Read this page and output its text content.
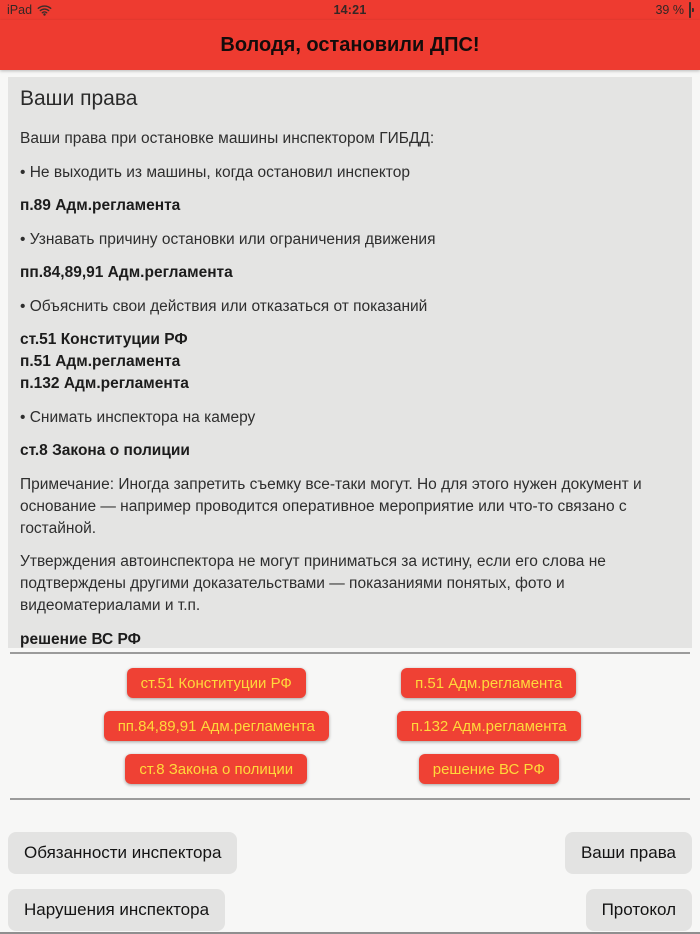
iPad	14:21	39 %
Володя, остановили ДПС!
Ваши права

Ваши права при остановке машины инспектором ГИБДД:

• Не выходить из машины, когда остановил инспектор

п.89 Адм.регламента

• Узнавать причину остановки или ограничения движения

пп.84,89,91 Адм.регламента

• Объяснить свои действия или отказаться от показаний

ст.51 Конституции РФ
п.51 Адм.регламента
п.132 Адм.регламента

• Снимать инспектора на камеру

ст.8 Закона о полиции

Примечание: Иногда запретить съемку все-таки могут. Но для этого нужен документ и основание — например проводится оперативное мероприятие или что-то связано с гостайной.

Утверждения автоинспектора не могут приниматься за истину, если его слова не подтверждены другими доказательствами — показаниями понятых, фото и видеоматериалами и т.п.

решение ВС РФ

ст.51 Конституции РФ	п.51 Адм.регламента
пп.84,89,91 Адм.регламента	п.132 Адм.регламента
ст.8 Закона о полиции	решение ВС РФ
Обязанности инспектора	Ваши права
Нарушения инспектора	Протокол
